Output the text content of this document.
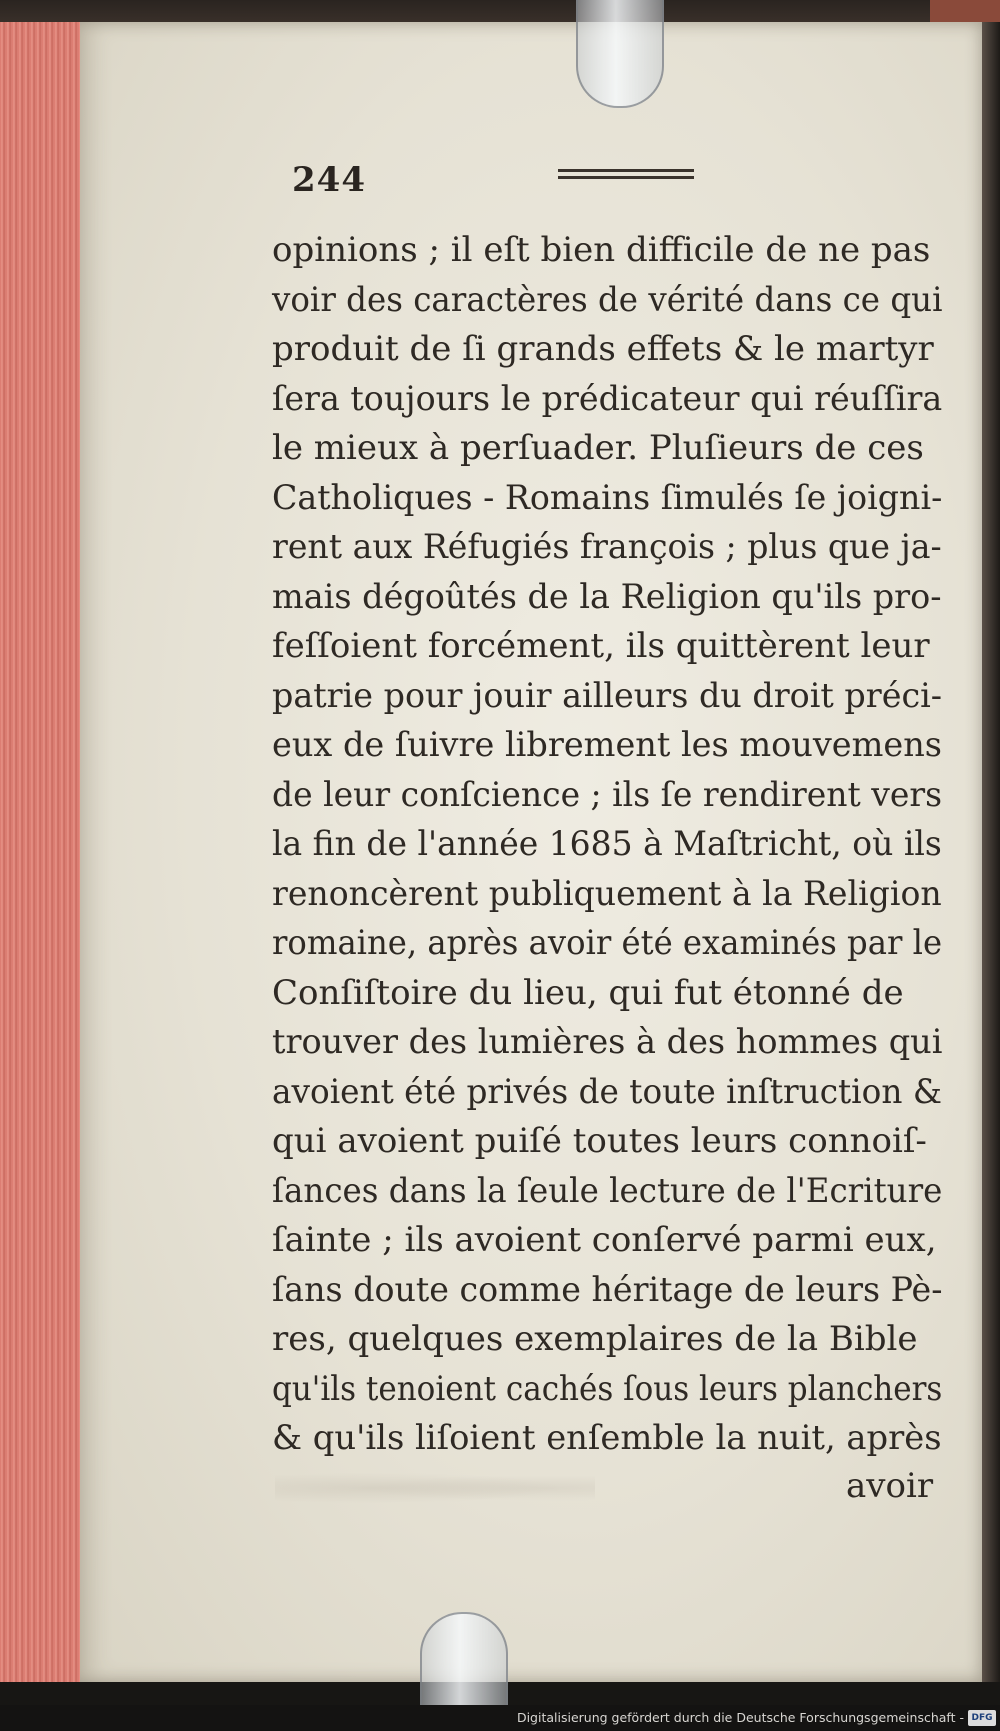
244
opinions ; il eſt bien difficile de ne pas
voir des caractères de vérité dans ce qui
produit de ſi grands effets & le martyr
ſera toujours le prédicateur qui réuſſira
le mieux à perſuader. Pluſieurs de ces
Catholiques - Romains ſimulés ſe joigni-
rent aux Réfugiés françois ; plus que ja-
mais dégoûtés de la Religion qu'ils pro-
feſſoient forcément, ils quittèrent leur
patrie pour jouir ailleurs du droit préci-
eux de ſuivre librement les mouvemens
de leur conſcience ; ils ſe rendirent vers
la fin de l'année 1685 à Maſtricht, où ils
renoncèrent publiquement à la Religion
romaine, après avoir été examinés par le
Conſiſtoire du lieu, qui fut étonné de
trouver des lumières à des hommes qui
avoient été privés de toute inſtruction &
qui avoient puiſé toutes leurs connoiſ-
ſances dans la ſeule lecture de l'Ecriture
ſainte ; ils avoient conſervé parmi eux,
ſans doute comme héritage de leurs Pè-
res, quelques exemplaires de la Bible
qu'ils tenoient cachés ſous leurs planchers
& qu'ils liſoient enſemble la nuit, après
avoir
Digitalisierung gefördert durch die Deutsche Forschungsgemeinschaft - DFG
